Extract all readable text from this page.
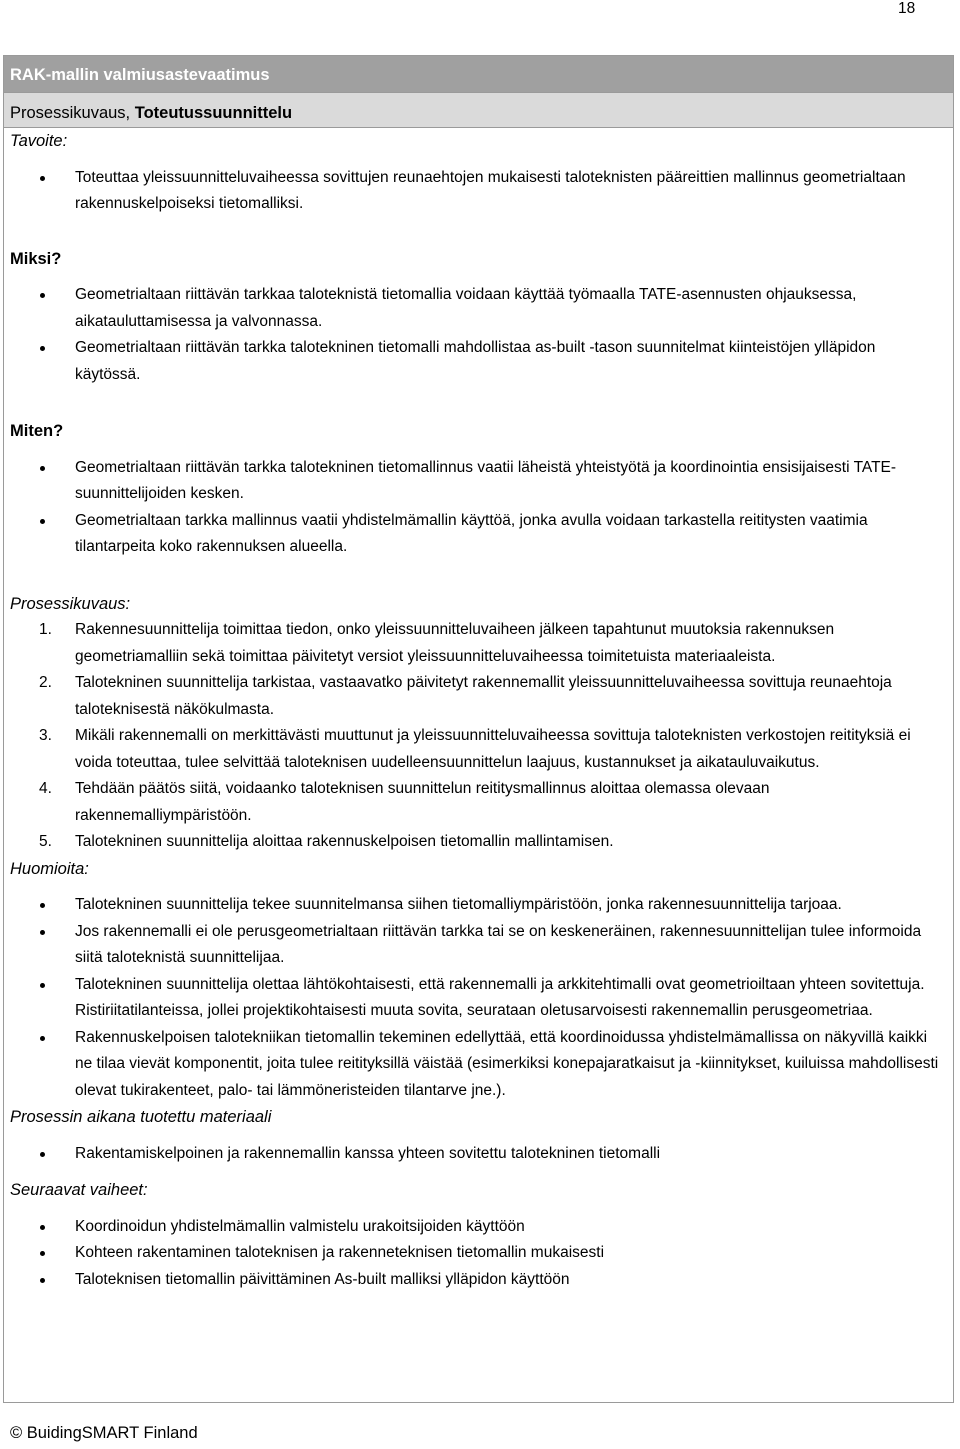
18
RAK-mallin valmiusastevaatimus
Prosessikuvaus, Toteutussuunnittelu

Tavoite:

Toteuttaa yleissuunnitteluvaiheessa sovittujen reunaehtojen mukaisesti taloteknisten pääreittien mallinnus geometrialtaan rakennuskelpoiseksi tietomalliksi.

Miksi?

Geometrialtaan riittävän tarkkaa taloteknistä tietomallia voidaan käyttää työmaalla TATE-asennusten ohjauksessa, aikatauluttamisessa ja valvonnassa.
Geometrialtaan riittävän tarkka talotekninen tietomalli mahdollistaa as-built -tason suunnitelmat kiinteistöjen ylläpidon käytössä.

Miten?

Geometrialtaan riittävän tarkka talotekninen tietomallinnus vaatii läheistä yhteistyötä ja koordinointia ensisijaisesti TATE-suunnittelijoiden kesken.
Geometrialtaan tarkka mallinnus vaatii yhdistelmämallin käyttöä, jonka avulla voidaan tarkastella reititysten vaatimia tilantarpeita koko rakennuksen alueella.

Prosessikuvaus:

1. Rakennesuunnittelija toimittaa tiedon, onko yleissuunnitteluvaiheen jälkeen tapahtunut muutoksia rakennuksen geometriamalliin sekä toimittaa päivitetyt versiot yleissuunnitteluvaiheessa toimitetuista materiaaleista.
2. Talotekninen suunnittelija tarkistaa, vastaavatko päivitetyt rakennemallit yleissuunnitteluvaiheessa sovittuja reunaehtoja taloteknisestä näkökulmasta.
3. Mikäli rakennemalli on merkittävästi muuttunut ja yleissuunnitteluvaiheessa sovittuja taloteknisten verkostojen reitityksiä ei voida toteuttaa, tulee selvittää taloteknisen uudelleensuunnittelun laajuus, kustannukset ja aikatauluvaikutus.
4. Tehdään päätös siitä, voidaanko taloteknisen suunnittelun reititysmallinnus aloittaa olemassa olevaan rakennemalliympäristöön.
5. Talotekninen suunnittelija aloittaa rakennuskelpoisen tietomallin mallintamisen.

Huomioita:

Talotekninen suunnittelija tekee suunnitelmansa siihen tietomalliympäristöön, jonka rakennesuunnittelija tarjoaa.
Jos rakennemalli ei ole perusgeometrialtaan riittävän tarkka tai se on keskeneräinen, rakennesuunnittelijan tulee informoida siitä taloteknistä suunnittelijaa.
Talotekninen suunnittelija olettaa lähtökohtaisesti, että rakennemalli ja arkkitehtimalli ovat geometrioiltaan yhteen sovitettuja. Ristiriitatilanteissa, jollei projektikohtaisesti muuta sovita, seurataan oletusarvoisesti rakennemallin perusgeometriaa.
Rakennuskelpoisen talotekniikan tietomallin tekeminen edellyttää, että koordinoidussa yhdistelmämallissa on näkyvillä kaikki ne tilaa vievät komponentit, joita tulee reitityksillä väistää (esimerkiksi konepajaratkaisut ja -kiinnitykset, kuiluissa mahdollisesti olevat tukirakenteet, palo- tai lämmöneristeiden tilantarve jne.).

Prosessin aikana tuotettu materiaali

Rakentamiskelpoinen ja rakennemallin kanssa yhteen sovitettu talotekninen tietomalli

Seuraavat vaiheet:

Koordinoidun yhdistelmämallin valmistelu urakoitsijoiden käyttöön
Kohteen rakentaminen taloteknisen ja rakenneteknisen tietomallin mukaisesti
Taloteknisen tietomallin päivittäminen As-built malliksi ylläpidon käyttöön
© BuidingSMART Finland
